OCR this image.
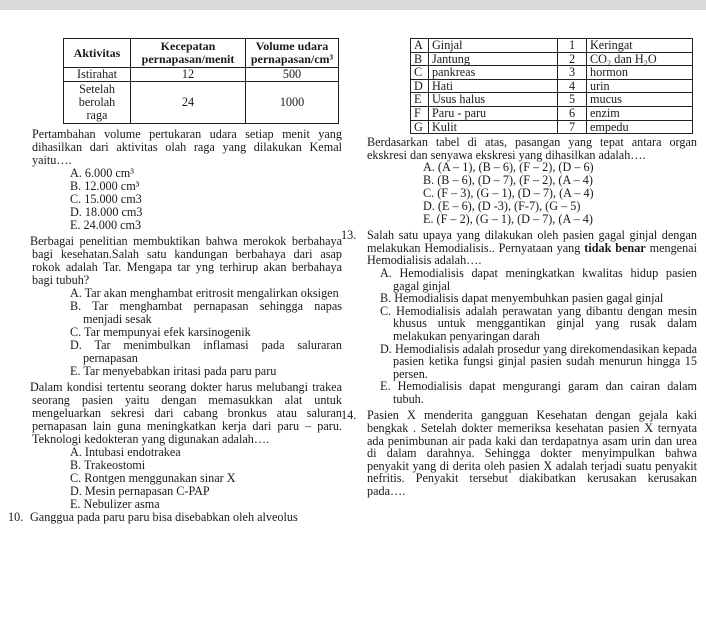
Aktivitas	Kecepatan pernapasan/menit	Volume udara pernapasan/cm³
Istirahat	12	500
Setelah berolah raga	24	1000

Pertambahan volume pertukaran udara setiap menit yang dihasilkan dari aktivitas olah raga yang dilakukan Kemal yaitu….

A. 6.000 cm³

B. 12.000 cm³

C. 15.000 cm3

D. 18.000 cm3

E. 24.000 cm3

Berbagai penelitian membuktikan bahwa merokok berbahaya bagi kesehatan.Salah satu kandungan berbahaya dari asap rokok adalah Tar. Mengapa tar yng terhirup akan berbahaya bagi tubuh?

A. Tar akan menghambat eritrosit mengalirkan oksigen

B. Tar menghambat pernapasan sehingga napas menjadi sesak

C. Tar mempunyai efek karsinogenik

D. Tar menimbulkan inflamasi pada saluraran pernapasan

E. Tar menyebabkan iritasi pada paru paru

Dalam kondisi tertentu seorang dokter harus melubangi trakea seorang pasien yaitu dengan memasukkan alat untuk mengeluarkan sekresi dari cabang bronkus atau saluran pernapasan lain guna meningkatkan kerja dari paru – paru. Teknologi kedokteran yang digunakan adalah….

A. Intubasi endotrakea

B. Trakeostomi

C. Rontgen menggunakan sinar X

D. Mesin pernapasan C-PAP

E. Nebulizer asma

10. Ganggua pada paru paru bisa disebabkan oleh alveolus

A	Ginjal	1	Keringat
B	Jantung	2	CO₂ dan H₂O
C	pankreas	3	hormon
D	Hati	4	urin
E	Usus halus	5	mucus
F	Paru - paru	6	enzim
G	Kulit	7	empedu

Berdasarkan tabel di atas, pasangan yang tepat antara organ ekskresi dan senyawa ekskresi yang dihasilkan adalah….

A. (A – 1), (B – 6), (F – 2), (D – 6)

B. (B – 6), (D – 7), (F – 2), (A – 4)

C. (F – 3), (G – 1), (D – 7), (A – 4)

D. (E – 6), (D -3), (F-7), (G – 5)

E. (F – 2), (G – 1), (D – 7), (A – 4)

13. Salah satu upaya yang dilakukan oleh pasien gagal ginjal dengan melakukan Hemodialisis.. Pernyataan yang tidak benar mengenai Hemodialisis adalah….

A. Hemodialisis dapat meningkatkan kwalitas hidup pasien gagal ginjal

B. Hemodialisis dapat menyembuhkan pasien gagal ginjal

C. Hemodialisis adalah perawatan yang dibantu dengan mesin khusus untuk menggantikan ginjal yang rusak dalam melakukan penyaringan darah

D. Hemodialisis adalah prosedur yang direkomendasikan kepada pasien ketika fungsi ginjal pasien sudah menurun hingga 15 persen.

E. Hemodialisis dapat mengurangi garam dan cairan dalam tubuh.

14. Pasien X menderita gangguan Kesehatan dengan gejala kaki bengkak . Setelah dokter memeriksa kesehatan pasien X ternyata ada penimbunan air pada kaki dan terdapatnya asam urin dan urea di dalam darahnya. Sehingga dokter menyimpulkan bahwa penyakit yang di derita oleh pasien X adalah terjadi suatu penyakit nefritis. Penyakit tersebut diakibatkan kerusakan kerusakan pada….
